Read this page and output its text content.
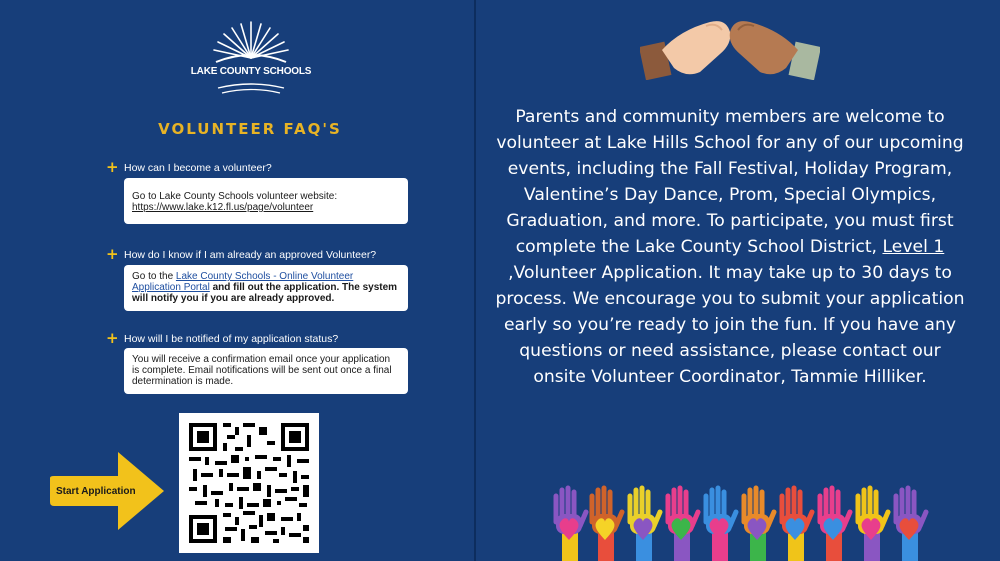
LAKE COUNTY SCHOOLS
VOLUNTEER FAQ'S
+ How can I become a volunteer?
Go to Lake County Schools volunteer website:
https://www.lake.k12.fl.us/page/volunteer
+ How do I know if I am already an approved Volunteer?
Go to the Lake County Schools - Online Volunteer Application Portal and fill out the application. The system will notify you if you are already approved.
+ How will I be notified of my application status?
You will receive a confirmation email once your application is complete. Email notifications will be sent out once a final determination is made.
Start Application
Parents and community members are welcome to volunteer at Lake Hills School for any of our upcoming events, including the Fall Festival, Holiday Program, Valentine’s Day Dance, Prom, Special Olympics, Graduation, and more. To participate, you must first complete the Lake County School District, Level 1 ,Volunteer Application. It may take up to 30 days to process. We encourage you to submit your application early so you’re ready to join the fun. If you have any questions or need assistance, please contact our onsite Volunteer Coordinator, Tammie Hilliker.
